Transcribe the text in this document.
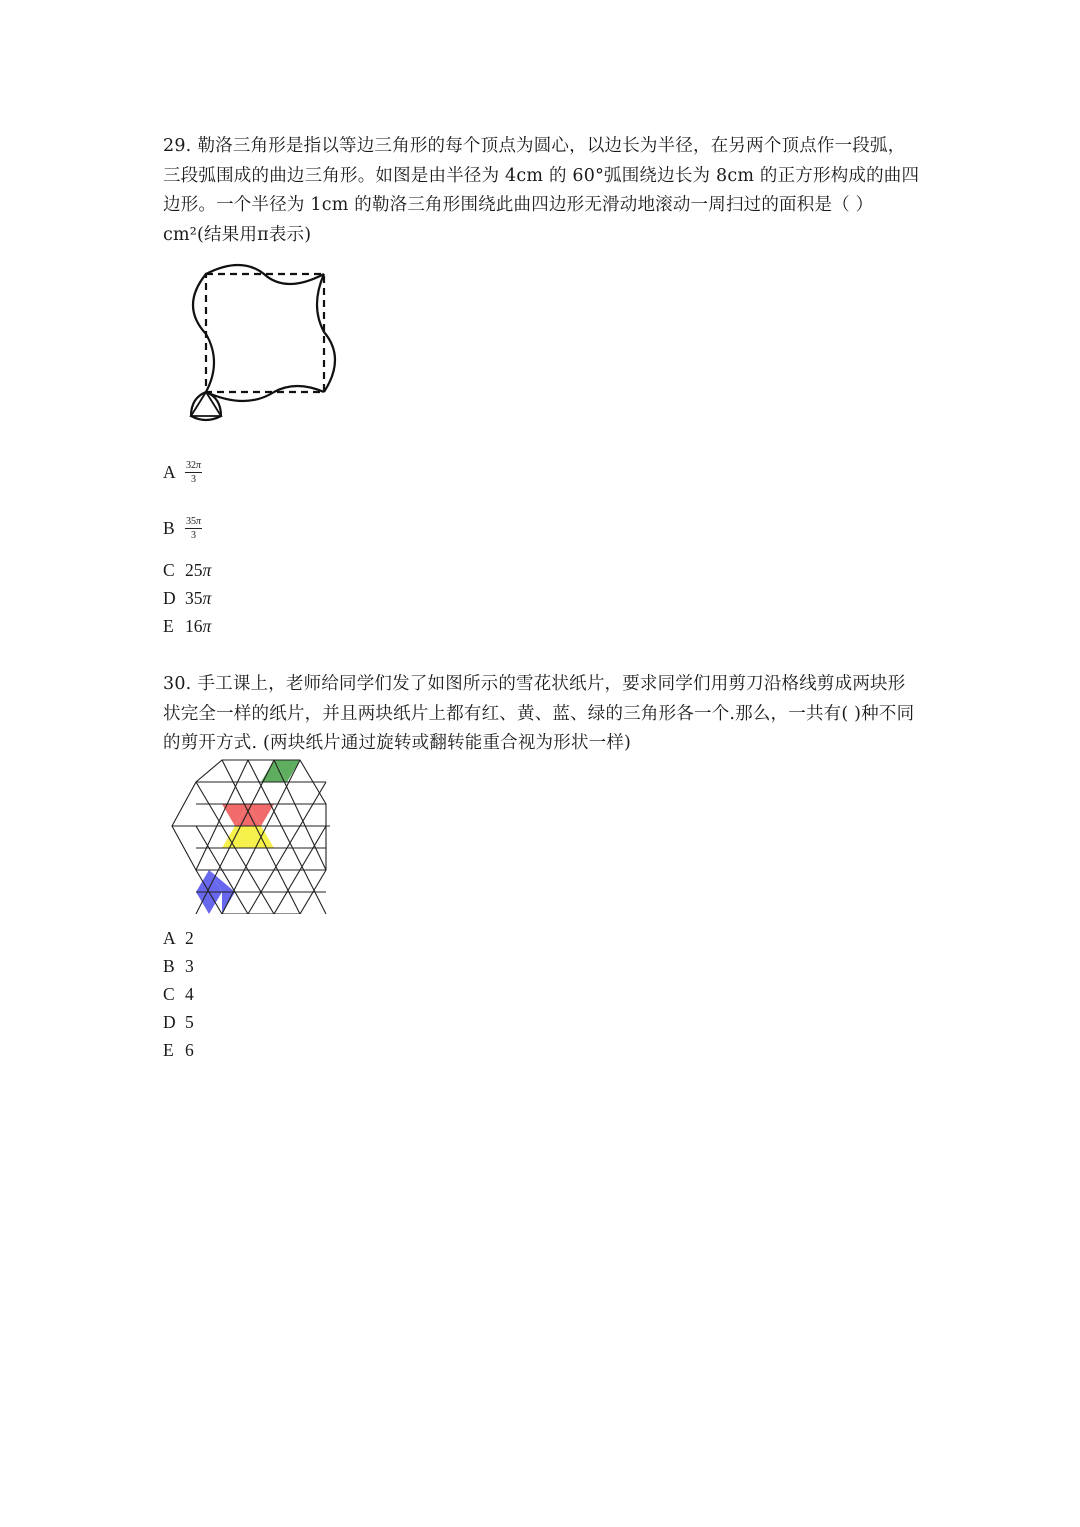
29. 勒洛三角形是指以等边三角形的每个顶点为圆心，以边长为半径，在另两个顶点作一段弧，三段弧围成的曲边三角形。如图是由半径为 4cm 的 60°弧围绕边长为 8cm 的正方形构成的曲四边形。一个半径为 1cm 的勒洛三角形围绕此曲四边形无滑动地滚动一周扫过的面积是（ ）cm²(结果用π表示)
A $\frac{32\pi}{3}$
B $\frac{35\pi}{3}$
C 25π
D 35π
E 16π
30. 手工课上，老师给同学们发了如图所示的雪花状纸片，要求同学们用剪刀沿格线剪成两块形状完全一样的纸片，并且两块纸片上都有红、黄、蓝、绿的三角形各一个.那么，一共有( )种不同的剪开方式. (两块纸片通过旋转或翻转能重合视为形状一样)
A 2
B 3
C 4
D 5
E 6
